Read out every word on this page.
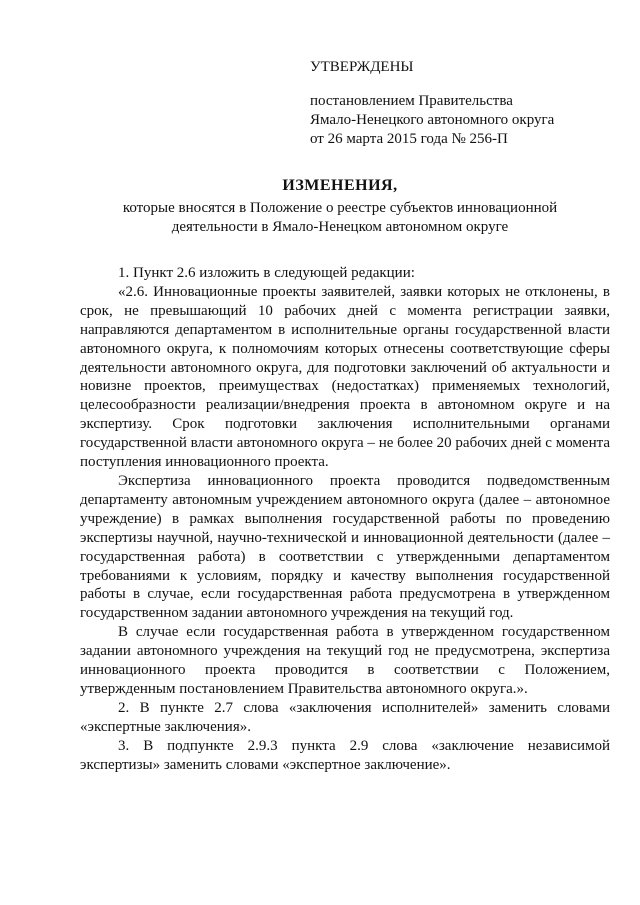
УТВЕРЖДЕНЫ
постановлением Правительства
Ямало-Ненецкого автономного округа
от 26 марта 2015 года № 256-П
ИЗМЕНЕНИЯ,
которые вносятся в Положение о реестре субъектов инновационной деятельности в Ямало-Ненецком автономном округе

1. Пункт 2.6 изложить в следующей редакции:

«2.6. Инновационные проекты заявителей, заявки которых не отклонены, в срок, не превышающий 10 рабочих дней с момента регистрации заявки, направляются департаментом в исполнительные органы государственной власти автономного округа, к полномочиям которых отнесены соответствующие сферы деятельности автономного округа, для подготовки заключений об актуальности и новизне проектов, преимуществах (недостатках) применяемых технологий, целесообразности реализации/внедрения проекта в автономном округе и на экспертизу. Срок подготовки заключения исполнительными органами государственной власти автономного округа – не более 20 рабочих дней с момента поступления инновационного проекта.

Экспертиза инновационного проекта проводится подведомственным департаменту автономным учреждением автономного округа (далее – автономное учреждение) в рамках выполнения государственной работы по проведению экспертизы научной, научно-технической и инновационной деятельности (далее – государственная работа) в соответствии с утвержденными департаментом требованиями к условиям, порядку и качеству выполнения государственной работы в случае, если государственная работа предусмотрена в утвержденном государственном задании автономного учреждения на текущий год.

В случае если государственная работа в утвержденном государственном задании автономного учреждения на текущий год не предусмотрена, экспертиза инновационного проекта проводится в соответствии с Положением, утвержденным постановлением Правительства автономного округа.».

2. В пункте 2.7 слова «заключения исполнителей» заменить словами «экспертные заключения».

3. В подпункте 2.9.3 пункта 2.9 слова «заключение независимой экспертизы» заменить словами «экспертное заключение».
